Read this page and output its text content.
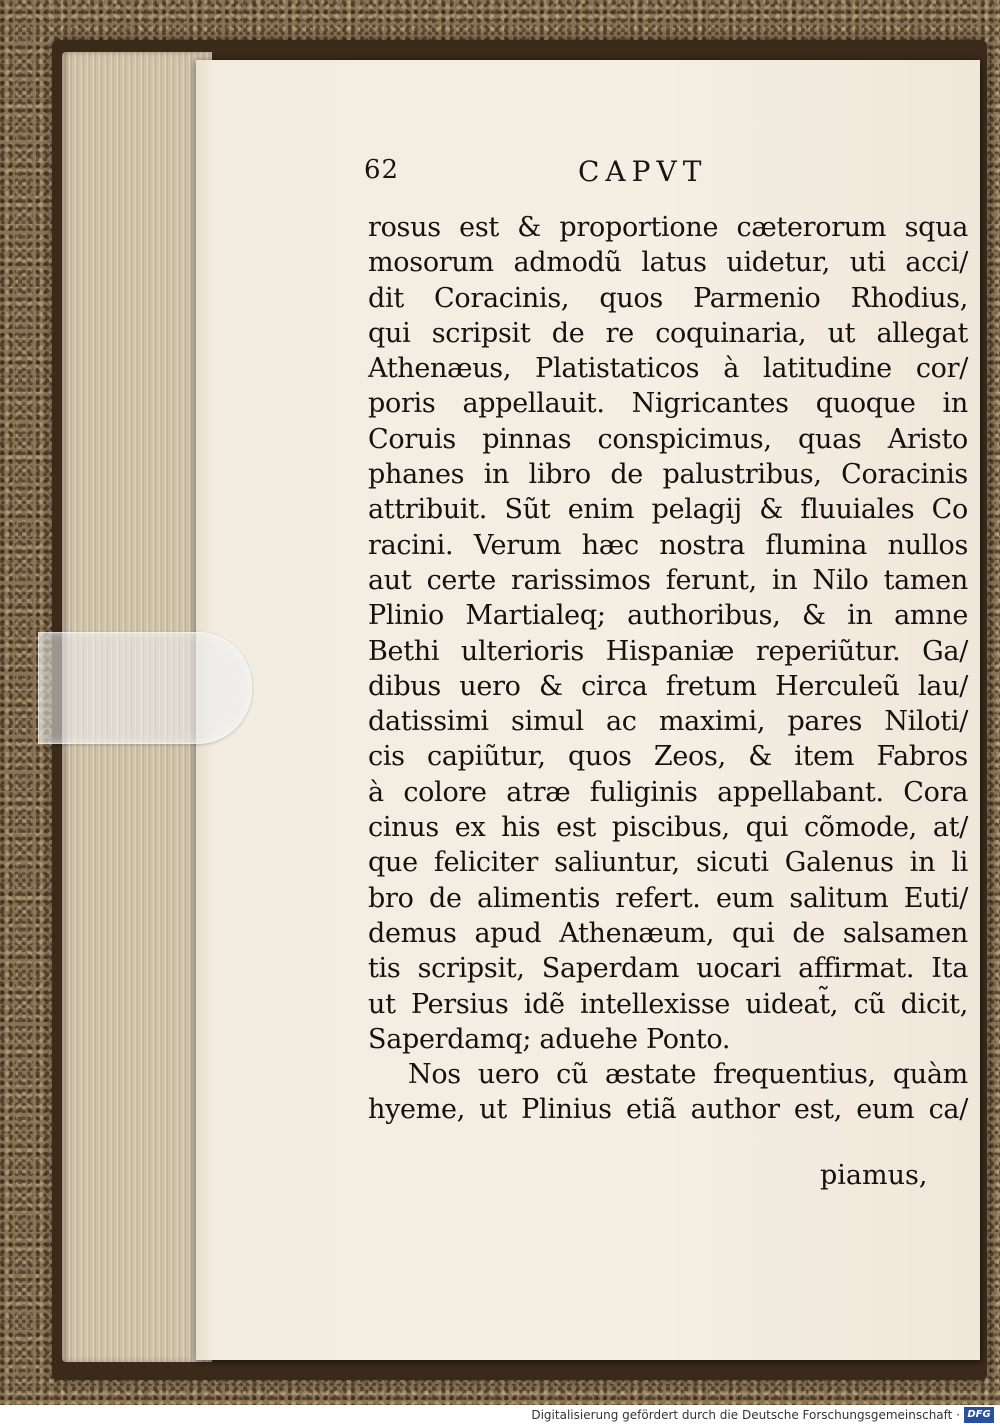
62	CAPVT
rosus est & proportione cæterorum squa
mosorum admodũ latus uidetur, uti acci/
dit Coracinis, quos Parmenio Rhodius,
qui scripsit de re coquinaria, ut allegat
Athenæus, Platistaticos à latitudine cor/
poris appellauit. Nigricantes quoque in
Coruis pinnas conspicimus, quas Aristo
phanes in libro de palustribus, Coracinis
attribuit. Sũt enim pelagij & fluuiales Co
racini. Verum hæc nostra flumina nullos
aut certe rarissimos ferunt, in Nilo tamen
Plinio Martialeq; authoribus, & in amne
Bethi ulterioris Hispaniæ reperiũtur. Ga/
dibus uero & circa fretum Herculeũ lau/
datissimi simul ac maximi, pares Niloti/
cis capiũtur, quos Zeos, & item Fabros
à colore atræ fuliginis appellabant. Cora
cinus ex his est piscibus, qui cõmode, at/
que feliciter saliuntur, sicuti Galenus in li
bro de alimentis refert. eum salitum Euti/
demus apud Athenæum, qui de salsamen
tis scripsit, Saperdam uocari affirmat. Ita
ut Persius idẽ intellexisse uideat̃, cũ dicit,
Saperdamq; aduehe Ponto.
Nos uero cũ æstate frequentius, quàm
hyeme, ut Plinius etiã author est, eum ca/
piamus,
Digitalisierung gefördert durch die Deutsche Forschungsgemeinschaft · DFG
